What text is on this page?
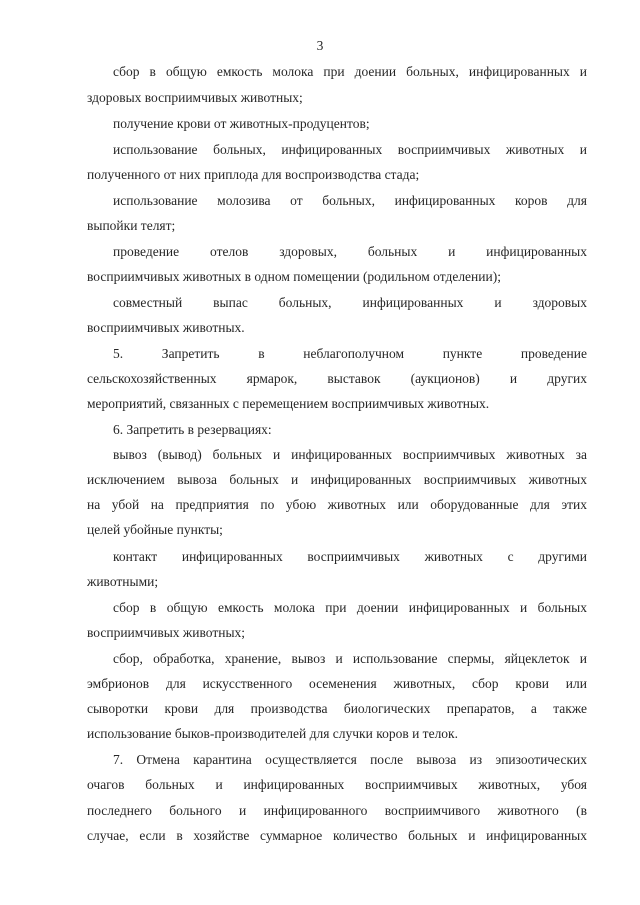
3
сбор в общую емкость молока при доении больных, инфицированных и
здоровых восприимчивых животных;
получение крови от животных-продуцентов;
использование больных, инфицированных восприимчивых животных и
полученного от них приплода для воспроизводства стада;
использование молозива от больных, инфицированных коров для
выпойки телят;
проведение отелов здоровых, больных и инфицированных
восприимчивых животных в одном помещении (родильном отделении);
совместный выпас больных, инфицированных и здоровых
восприимчивых животных.
5. Запретить в неблагополучном пункте проведение
сельскохозяйственных ярмарок, выставок (аукционов) и других
мероприятий, связанных с перемещением восприимчивых животных.
6. Запретить в резервациях:
вывоз (вывод) больных и инфицированных восприимчивых животных за
исключением вывоза больных и инфицированных восприимчивых животных
на убой на предприятия по убою животных или оборудованные для этих
целей убойные пункты;
контакт инфицированных восприимчивых животных с другими
животными;
сбор в общую емкость молока при доении инфицированных и больных
восприимчивых животных;
сбор, обработка, хранение, вывоз и использование спермы, яйцеклеток и
эмбрионов для искусственного осеменения животных, сбор крови или
сыворотки крови для производства биологических препаратов, а также
использование быков-производителей для случки коров и телок.
7. Отмена карантина осуществляется после вывоза из эпизоотических
очагов больных и инфицированных восприимчивых животных, убоя
последнего больного и инфицированного восприимчивого животного (в
случае, если в хозяйстве суммарное количество больных и инфицированных
